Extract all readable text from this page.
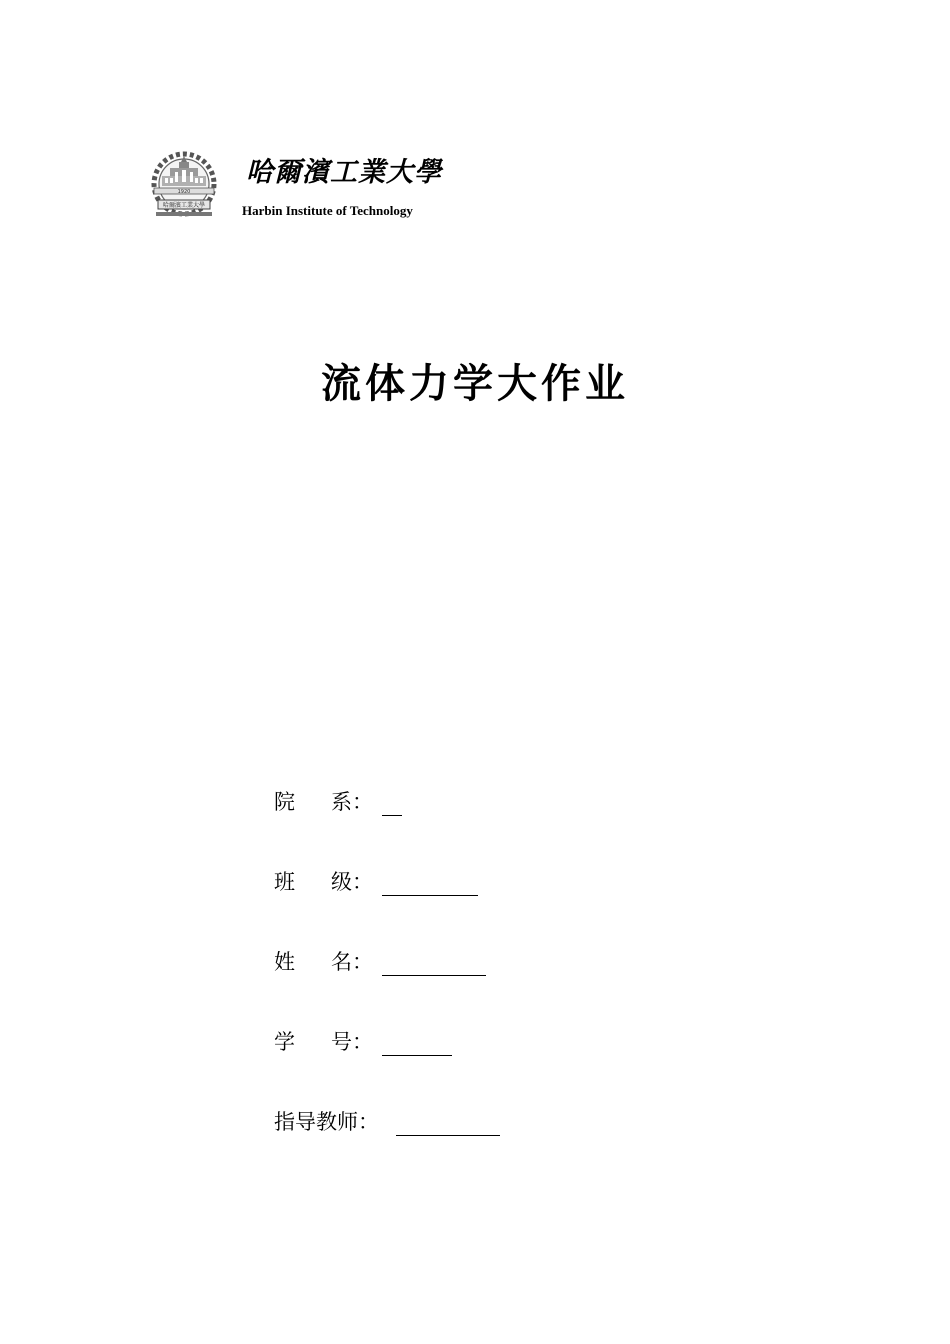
1920
哈爾濱工業大學
哈爾濱工業大學
Harbin Institute of Technology
流体力学大作业
院 系：
班 级：
姓 名：
学 号：
指导教师：
